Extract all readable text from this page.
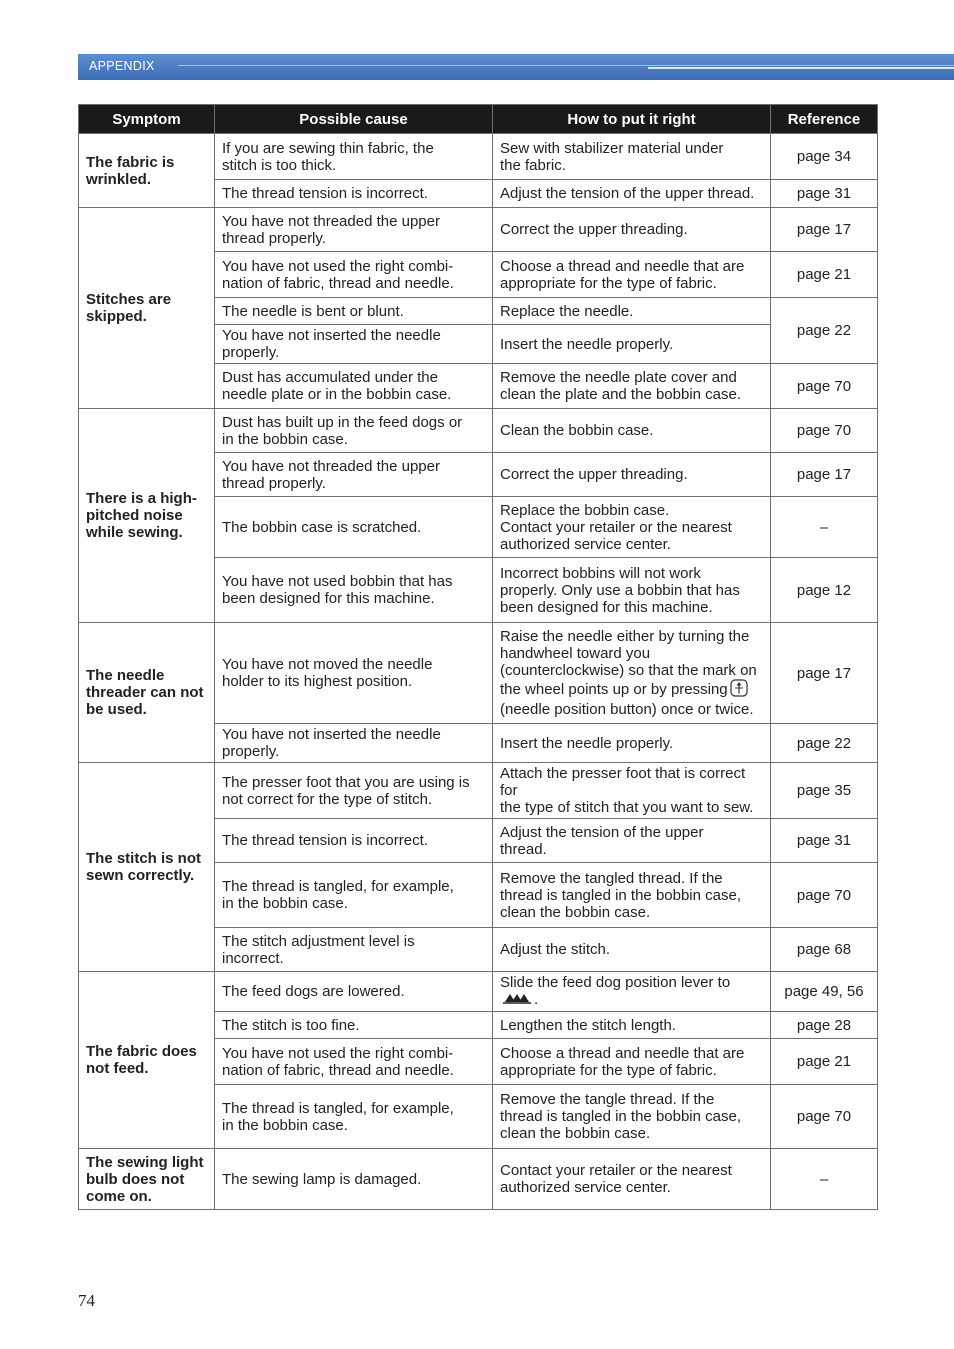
APPENDIX
Symptom	Possible cause	How to put it right	Reference
The fabric is
wrinkled.	If you are sewing thin fabric, the
stitch is too thick.	Sew with stabilizer material under
the fabric.	page 34
	The thread tension is incorrect.	Adjust the tension of the upper thread.	page 31
Stitches are
skipped.	You have not threaded the upper
thread properly.	Correct the upper threading.	page 17
	You have not used the right combi-
nation of fabric, thread and needle.	Choose a thread and needle that are
appropriate for the type of fabric.	page 21
	The needle is bent or blunt.	Replace the needle.	page 22
	You have not inserted the needle properly.	Insert the needle properly.	
	Dust has accumulated under the
needle plate or in the bobbin case.	Remove the needle plate cover and
clean the plate and the bobbin case.	page 70
There is a high-
pitched noise
while sewing.	Dust has built up in the feed dogs or
in the bobbin case.	Clean the bobbin case.	page 70
	You have not threaded the upper
thread properly.	Correct the upper threading.	page 17
	The bobbin case is scratched.	Replace the bobbin case.
Contact your retailer or the nearest
authorized service center.	–
	You have not used bobbin that has
been designed for this machine.	Incorrect bobbins will not work
properly. Only use a bobbin that has
been designed for this machine.	page 12
The needle
threader can not
be used.	You have not moved the needle
holder to its highest position.	Raise the needle either by turning the
handwheel toward you
(counterclockwise) so that the mark on
the wheel points up or by pressing
(needle position button) once or twice.	page 17
	You have not inserted the needle properly.	Insert the needle properly.	page 22
The stitch is not
sewn correctly.	The presser foot that you are using is
not correct for the type of stitch.	Attach the presser foot that is correct for
the type of stitch that you want to sew.	page 35
	The thread tension is incorrect.	Adjust the tension of the upper
thread.	page 31
	The thread is tangled, for example,
in the bobbin case.	Remove the tangled thread. If the
thread is tangled in the bobbin case,
clean the bobbin case.	page 70
	The stitch adjustment level is
incorrect.	Adjust the stitch.	page 68
The fabric does
not feed.	The feed dogs are lowered.	Slide the feed dog position lever to.	page 49, 56
	The stitch is too fine.	Lengthen the stitch length.	page 28
	You have not used the right combi-
nation of fabric, thread and needle.	Choose a thread and needle that are
appropriate for the type of fabric.	page 21
	The thread is tangled, for example,
in the bobbin case.	Remove the tangle thread. If the
thread is tangled in the bobbin case,
clean the bobbin case.	page 70
The sewing light
bulb does not
come on.	The sewing lamp is damaged.	Contact your retailer or the nearest
authorized service center.	–
74
